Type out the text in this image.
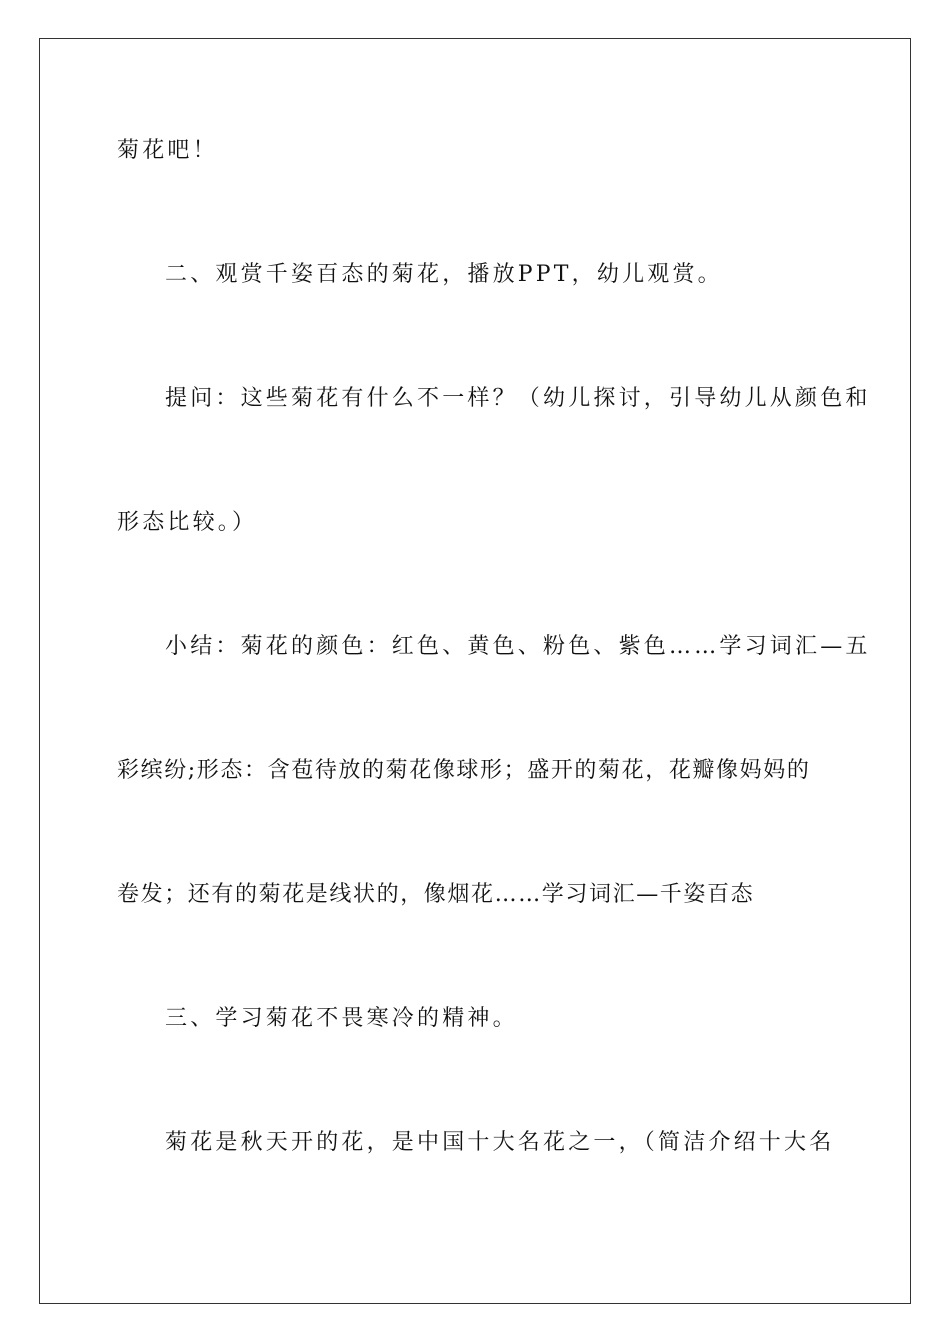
菊花吧！
二、观赏千姿百态的菊花，播放PPT，幼儿观赏。
提问：这些菊花有什么不一样？（幼儿探讨，引导幼儿从颜色和
形态比较。）
小结：菊花的颜色：红色、黄色、粉色、紫色……学习词汇—五
彩缤纷;形态：含苞待放的菊花像球形；盛开的菊花，花瓣像妈妈的
卷发；还有的菊花是线状的，像烟花……学习词汇—千姿百态
三、学习菊花不畏寒冷的精神。
菊花是秋天开的花，是中国十大名花之一，（简洁介绍十大名
